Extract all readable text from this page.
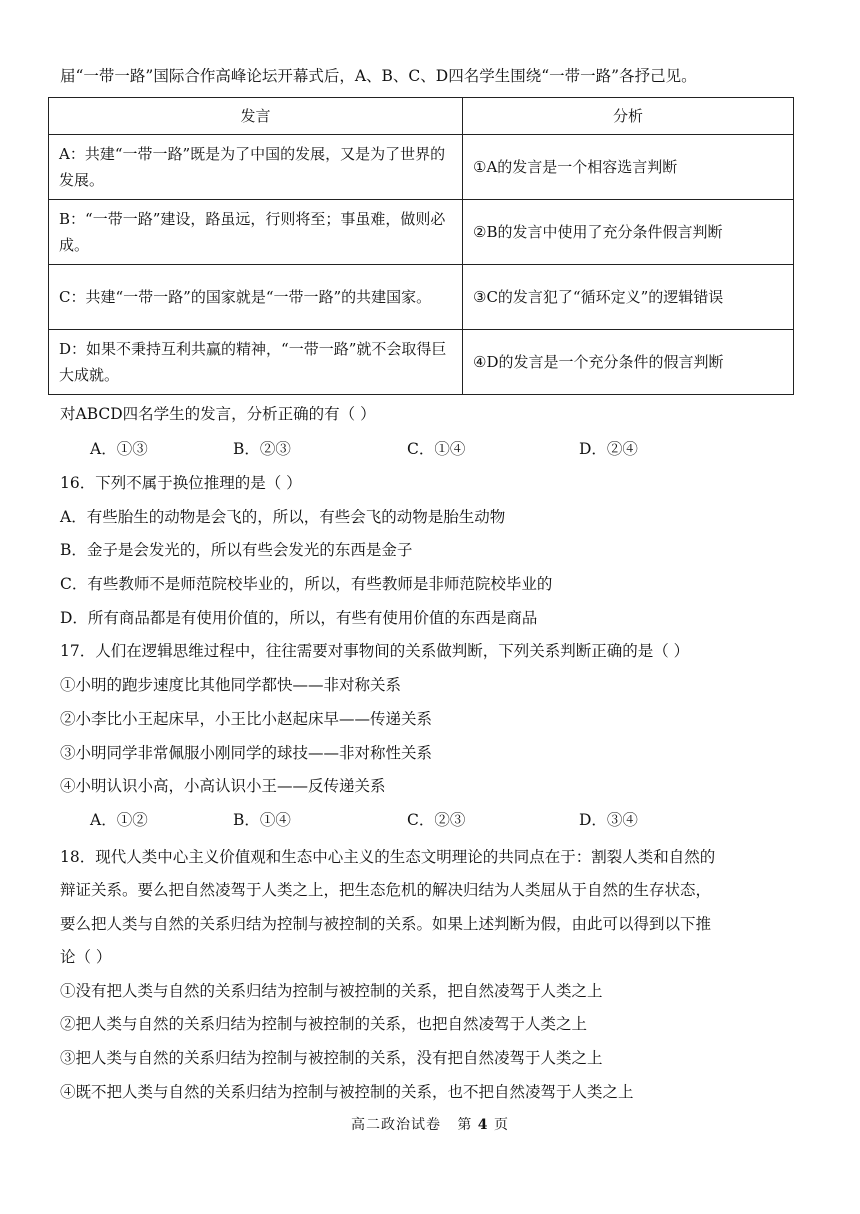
届“一带一路”国际合作高峰论坛开幕式后，A、B、C、D四名学生围绕“一带一路”各抒己见。
发言	分析
A：共建“一带一路”既是为了中国的发展，又是为了世界的发展。	①A的发言是一个相容选言判断
B：“一带一路”建设，路虽远，行则将至；事虽难，做则必成。	②B的发言中使用了充分条件假言判断
C：共建“一带一路”的国家就是“一带一路”的共建国家。	③C的发言犯了“循环定义”的逻辑错误
D：如果不秉持互利共赢的精神，“一带一路”就不会取得巨大成就。	④D的发言是一个充分条件的假言判断
对ABCD四名学生的发言，分析正确的有（ ）
A．①③	B．②③	C．①④	D．②④
16．下列不属于换位推理的是（ ）
A．有些胎生的动物是会飞的，所以，有些会飞的动物是胎生动物
B．金子是会发光的，所以有些会发光的东西是金子
C．有些教师不是师范院校毕业的，所以，有些教师是非师范院校毕业的
D．所有商品都是有使用价值的，所以，有些有使用价值的东西是商品
17．人们在逻辑思维过程中，往往需要对事物间的关系做判断，下列关系判断正确的是（ ）
①小明的跑步速度比其他同学都快——非对称关系
②小李比小王起床早，小王比小赵起床早——传递关系
③小明同学非常佩服小刚同学的球技——非对称性关系
④小明认识小高，小高认识小王——反传递关系
A．①②	B．①④	C．②③	D．③④
18．现代人类中心主义价值观和生态中心主义的生态文明理论的共同点在于：割裂人类和自然的
辩证关系。要么把自然凌驾于人类之上，把生态危机的解决归结为人类屈从于自然的生存状态，
要么把人类与自然的关系归结为控制与被控制的关系。如果上述判断为假，由此可以得到以下推
论（ ）
①没有把人类与自然的关系归结为控制与被控制的关系，把自然凌驾于人类之上
②把人类与自然的关系归结为控制与被控制的关系，也把自然凌驾于人类之上
③把人类与自然的关系归结为控制与被控制的关系，没有把自然凌驾于人类之上
④既不把人类与自然的关系归结为控制与被控制的关系，也不把自然凌驾于人类之上
高二政治试卷 第 4 页
